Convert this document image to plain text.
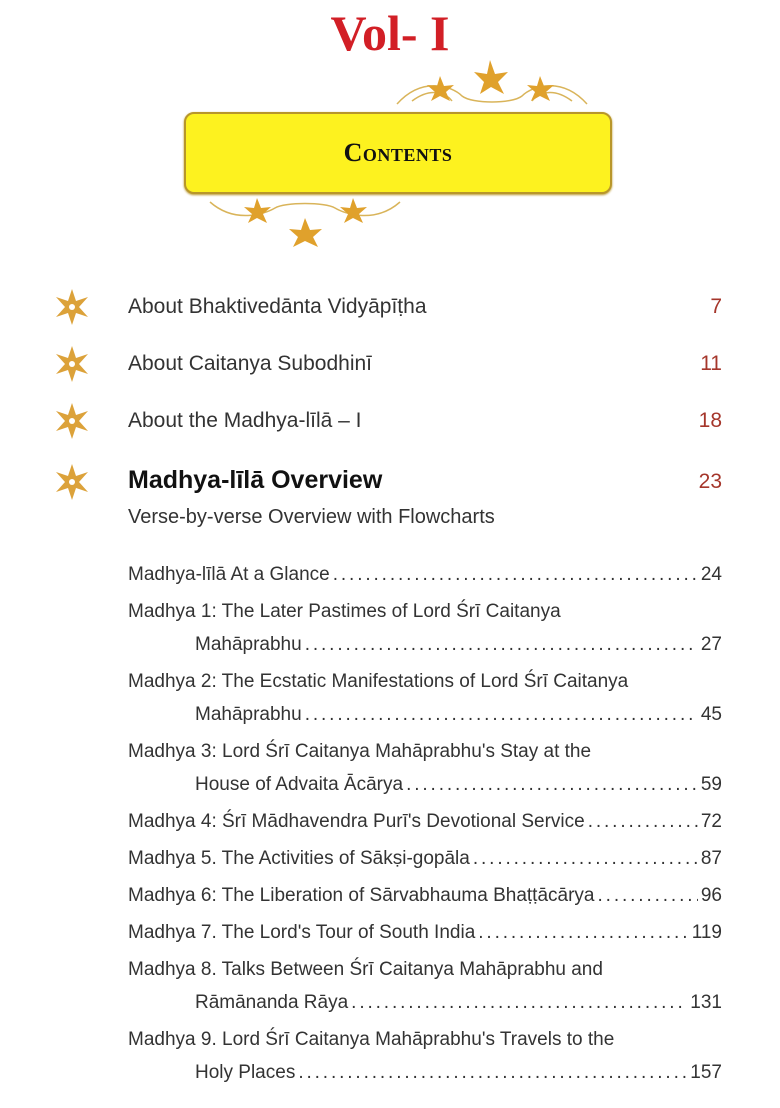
Vol- I
Contents
About Bhaktivedānta Vidyāpīṭha	7
About Caitanya Subodhinī	11
About the Madhya-līlā – I	18
Madhya-līlā Overview	23
Verse-by-verse Overview with Flowcharts
Madhya-līlā At a Glance . . .	24
Madhya 1: The Later Pastimes of Lord Śrī Caitanya
Mahāprabhu . . .	27
Madhya 2: The Ecstatic Manifestations of Lord Śrī Caitanya
Mahāprabhu . . .	45
Madhya 3: Lord Śrī Caitanya Mahāprabhu's Stay at the
House of Advaita Ācārya . . .	59
Madhya 4: Śrī Mādhavendra Purī's Devotional Service . . .	72
Madhya 5. The Activities of Sākṣi-gopāla . . .	87
Madhya 6: The Liberation of Sārvabhauma Bhaṭṭācārya . . .	96
Madhya 7. The Lord's Tour of South India . . .	119
Madhya 8. Talks Between Śrī Caitanya Mahāprabhu and
Rāmānanda Rāya . . .	131
Madhya 9. Lord Śrī Caitanya Mahāprabhu's Travels to the
Holy Places . . .	157
